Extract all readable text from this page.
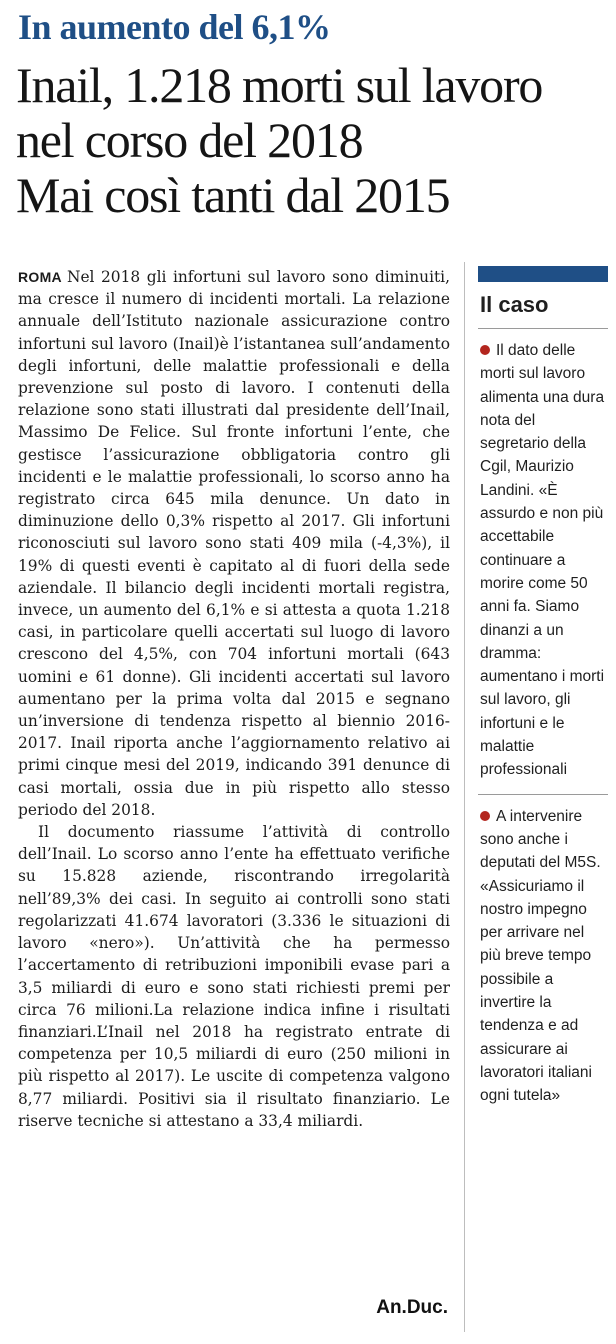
In aumento del 6,1%
Inail, 1.218 morti sul lavoro
nel corso del 2018
Mai così tanti dal 2015

ROMA Nel 2018 gli infortuni sul lavoro sono diminuiti, ma cresce il numero di incidenti mortali. La relazione annuale dell’Istituto nazionale assicurazione contro infortuni sul lavoro (Inail)è l’istantanea sull’andamento degli infortuni, delle malattie professionali e della prevenzione sul posto di lavoro. I contenuti della relazione sono stati illustrati dal presidente dell’Inail, Massimo De Felice. Sul fronte infortuni l’ente, che gestisce l’assicurazione obbligatoria contro gli incidenti e le malattie professionali, lo scorso anno ha registrato circa 645 mila denunce. Un dato in diminuzione dello 0,3% rispetto al 2017. Gli infortuni riconosciuti sul lavoro sono stati 409 mila (-4,3%), il 19% di questi eventi è capitato al di fuori della sede aziendale. Il bilancio degli incidenti mortali registra, invece, un aumento del 6,1% e si attesta a quota 1.218 casi, in particolare quelli accertati sul luogo di lavoro crescono del 4,5%, con 704 infortuni mortali (643 uomini e 61 donne). Gli incidenti accertati sul lavoro aumentano per la prima volta dal 2015 e segnano un’inversione di tendenza rispetto al biennio 2016-2017. Inail riporta anche l’aggiornamento relativo ai primi cinque mesi del 2019, indicando 391 denunce di casi mortali, ossia due in più rispetto allo stesso periodo del 2018.

Il documento riassume l’attività di controllo dell’Inail. Lo scorso anno l’ente ha effettuato verifiche su 15.828 aziende, riscontrando irregolarità nell’89,3% dei casi. In seguito ai controlli sono stati regolarizzati 41.674 lavoratori (3.336 le situazioni di lavoro «nero»). Un’attività che ha permesso l’accertamento di retribuzioni imponibili evase pari a 3,5 miliardi di euro e sono stati richiesti premi per circa 76 milioni.La relazione indica infine i risultati finanziari.L’Inail nel 2018 ha registrato entrate di competenza per 10,5 miliardi di euro (250 milioni in più rispetto al 2017). Le uscite di competenza valgono 8,77 miliardi. Positivi sia il risultato finanziario. Le riserve tecniche si attestano a 33,4 miliardi.

An.Duc.
Il caso
Il dato delle morti sul lavoro alimenta una dura nota del segretario della Cgil, Maurizio Landini. «È assurdo e non più accettabile continuare a morire come 50 anni fa. Siamo dinanzi a un dramma: aumentano i morti sul lavoro, gli infortuni e le malattie professionali
A intervenire sono anche i deputati del M5S. «Assicuriamo il nostro impegno per arrivare nel più breve tempo possibile a invertire la tendenza e ad assicurare ai lavoratori italiani ogni tutela»
